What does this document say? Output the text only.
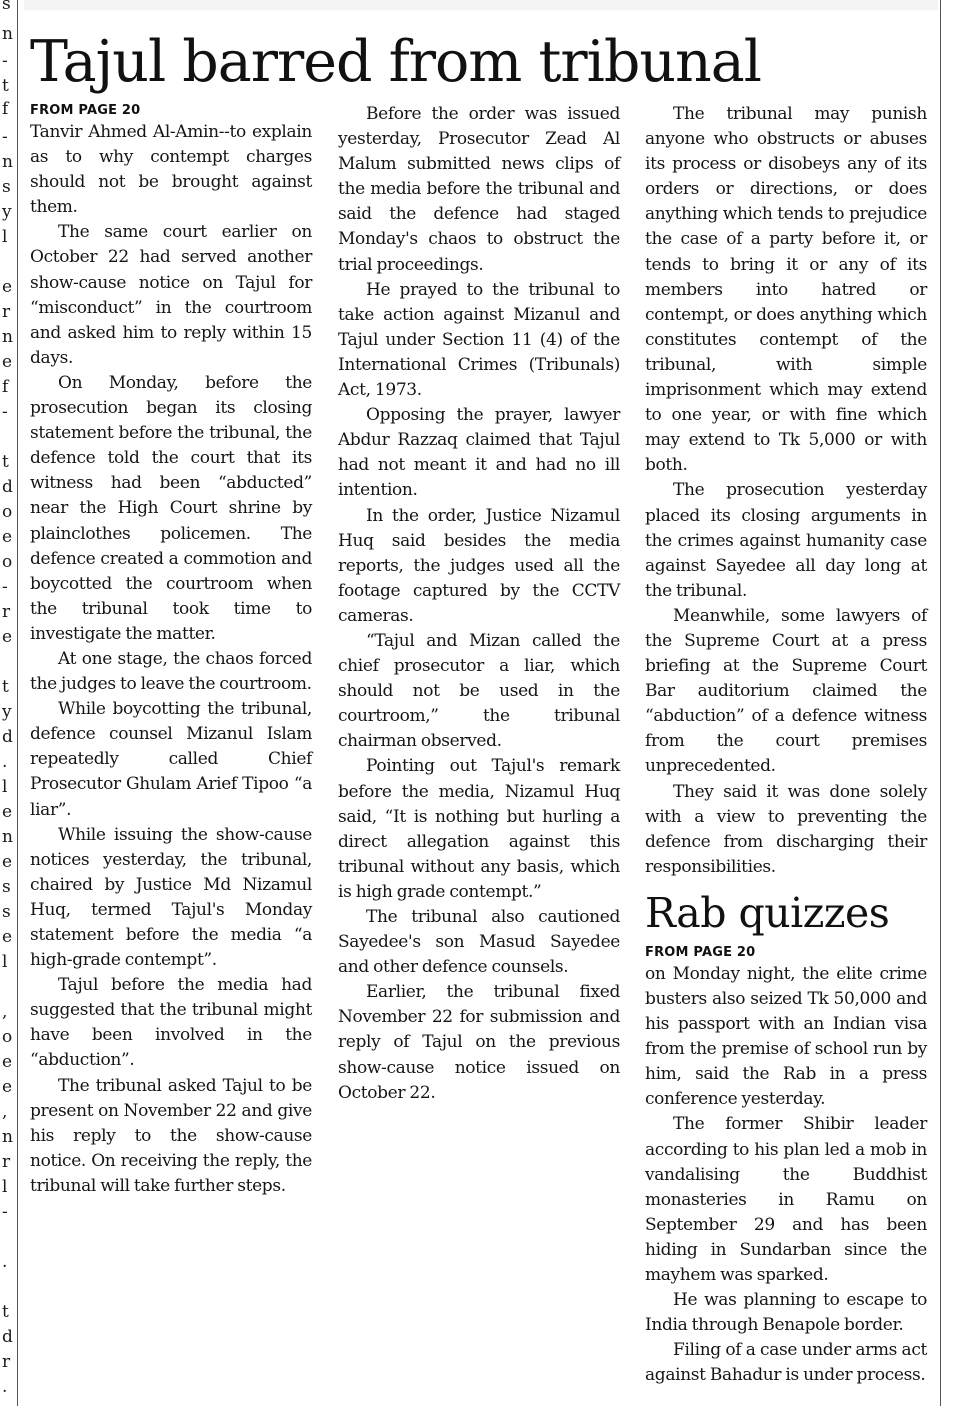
s
n
-
t
f
-
n
s
y
l
e
r
n
e
f
-
t
d
o
e
o
-
r
e
t
y
d
.
l
e
n
e
s
s
e
l
,
o
e
e
,
n
r
l
-
.
t
d
r
.
Tajul barred from tribunal
FROM PAGE 20

Tanvir Ahmed Al-Amin--to explain as to why contempt charges should not be brought against them.

The same court earlier on October 22 had served another show-cause notice on Tajul for “misconduct” in the courtroom and asked him to reply within 15 days.

On Monday, before the prosecution began its closing statement before the tribunal, the defence told the court that its witness had been “abducted” near the High Court shrine by plainclothes policemen. The defence created a commotion and boycotted the courtroom when the tribunal took time to investigate the matter.

At one stage, the chaos forced the judges to leave the courtroom.

While boycotting the tribunal, defence counsel Mizanul Islam repeatedly called Chief Prosecutor Ghulam Arief Tipoo “a liar”.

While issuing the show-cause notices yesterday, the tribunal, chaired by Justice Md Nizamul Huq, termed Tajul's Monday statement before the media “a high-grade contempt”.

Tajul before the media had suggested that the tribunal might have been involved in the “abduction”.

The tribunal asked Tajul to be present on November 22 and give his reply to the show-cause notice. On receiving the reply, the tribunal will take further steps.

Before the order was issued yesterday, Prosecutor Zead Al Malum submitted news clips of the media before the tribunal and said the defence had staged Monday's chaos to obstruct the trial proceedings.

He prayed to the tribunal to take action against Mizanul and Tajul under Section 11 (4) of the International Crimes (Tribunals) Act, 1973.

Opposing the prayer, lawyer Abdur Razzaq claimed that Tajul had not meant it and had no ill intention.

In the order, Justice Nizamul Huq said besides the media reports, the judges used all the footage captured by the CCTV cameras.

“Tajul and Mizan called the chief prosecutor a liar, which should not be used in the courtroom,” the tribunal chairman observed.

Pointing out Tajul's remark before the media, Nizamul Huq said, “It is nothing but hurling a direct allegation against this tribunal without any basis, which is high grade contempt.”

The tribunal also cautioned Sayedee's son Masud Sayedee and other defence counsels.

Earlier, the tribunal fixed November 22 for submission and reply of Tajul on the previous show-cause notice issued on October 22.

The tribunal may punish anyone who obstructs or abuses its process or disobeys any of its orders or directions, or does anything which tends to prejudice the case of a party before it, or tends to bring it or any of its members into hatred or contempt, or does anything which constitutes contempt of the tribunal, with simple imprisonment which may extend to one year, or with fine which may extend to Tk 5,000 or with both.

The prosecution yesterday placed its closing arguments in the crimes against humanity case against Sayedee all day long at the tribunal.

Meanwhile, some lawyers of the Supreme Court at a press briefing at the Supreme Court Bar auditorium claimed the “abduction” of a defence witness from the court premises unprecedented.

They said it was done solely with a view to preventing the defence from discharging their responsibilities.

Rab quizzes
FROM PAGE 20

on Monday night, the elite crime busters also seized Tk 50,000 and his passport with an Indian visa from the premise of school run by him, said the Rab in a press conference yesterday.

The former Shibir leader according to his plan led a mob in vandalising the Buddhist monasteries in Ramu on September 29 and has been hiding in Sundarban since the mayhem was sparked.

He was planning to escape to India through Benapole border.

Filing of a case under arms act against Bahadur is under process.
